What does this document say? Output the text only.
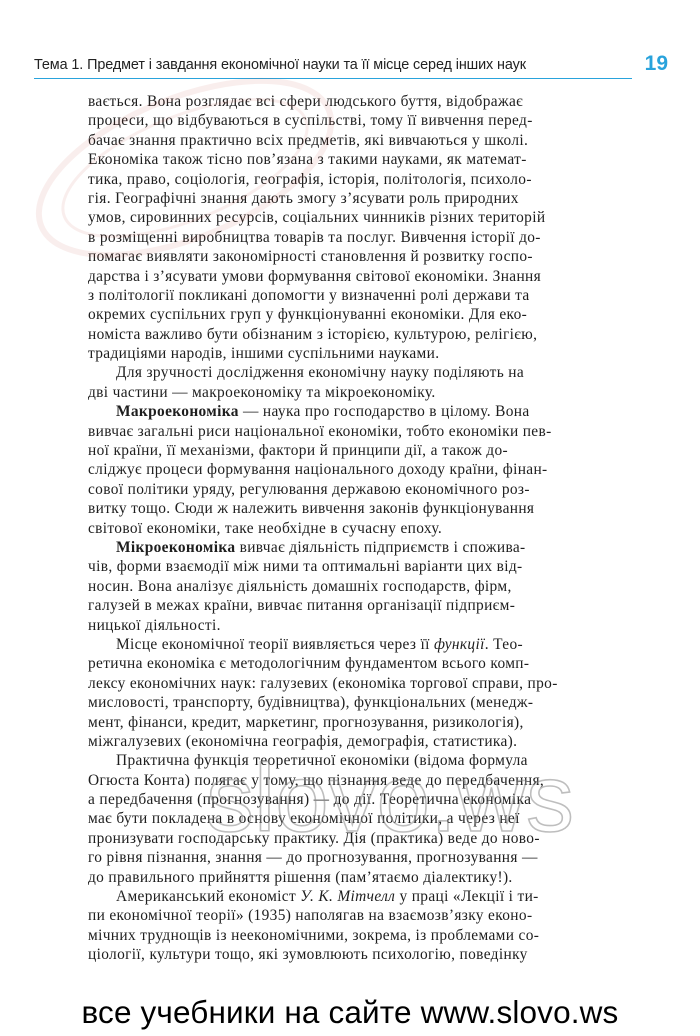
Тема 1. Предмет і завдання економічної науки та її місце серед інших наук	19
вається. Вона розглядає всі сфери людського буття, відображає
процеси, що відбуваються в суспільстві, тому її вивчення перед-
бачає знання практично всіх предметів, які вивчаються у школі.
Економіка також тісно пов’язана з такими науками, як математ-
тика, право, соціологія, географія, історія, політологія, психоло-
гія. Географічні знання дають змогу з’ясувати роль природних
умов, сировинних ресурсів, соціальних чинників різних територій
в розміщенні виробництва товарів та послуг. Вивчення історії до-
помагає виявляти закономірності становлення й розвитку госпо-
дарства і з’ясувати умови формування світової економіки. Знання
з політології покликані допомогти у визначенні ролі держави та
окремих суспільних груп у функціонуванні економіки. Для еко-
номіста важливо бути обізнаним з історією, культурою, релігією,
традиціями народів, іншими суспільними науками.
Для зручності дослідження економічну науку поділяють на
дві частини — макроекономіку та мікроекономіку.
Макроекономіка — наука про господарство в цілому. Вона
вивчає загальні риси національної економіки, тобто економіки пев-
ної країни, її механізми, фактори й принципи дії, а також до-
сліджує процеси формування національного доходу країни, фінан-
сової політики уряду, регулювання державою економічного роз-
витку тощо. Сюди ж належить вивчення законів функціонування
світової економіки, таке необхідне в сучасну епоху.
Мікроекономіка вивчає діяльність підприємств і спожива-
чів, форми взаємодії між ними та оптимальні варіанти цих від-
носин. Вона аналізує діяльність домашніх господарств, фірм,
галузей в межах країни, вивчає питання організації підприєм-
ницької діяльності.
Місце економічної теорії виявляється через її функції. Тео-
ретична економіка є методологічним фундаментом всього комп-
лексу економічних наук: галузевих (економіка торгової справи, про-
мисловості, транспорту, будівництва), функціональних (менедж-
мент, фінанси, кредит, маркетинг, прогнозування, ризикологія),
міжгалузевих (економічна географія, демографія, статистика).
Практична функція теоретичної економіки (відома формула
Огюста Конта) полягає у тому, що пізнання веде до передбачення,
а передбачення (прогнозування) — до дії. Теоретична економіка
має бути покладена в основу економічної політики, а через неї
пронизувати господарську практику. Дія (практика) веде до ново-
го рівня пізнання, знання — до прогнозування, прогнозування —
до правильного прийняття рішення (пам’ятаємо діалектику!).
Американський економіст У. К. Мітчелл у праці «Лекції і ти-
пи економічної теорії» (1935) наполягав на взаємозв’язку еконо-
мічних труднощів із неекономічними, зокрема, із проблемами со-
ціології, культури тощо, які зумовлюють психологію, поведінку
все учебники на сайте www.slovo.ws
